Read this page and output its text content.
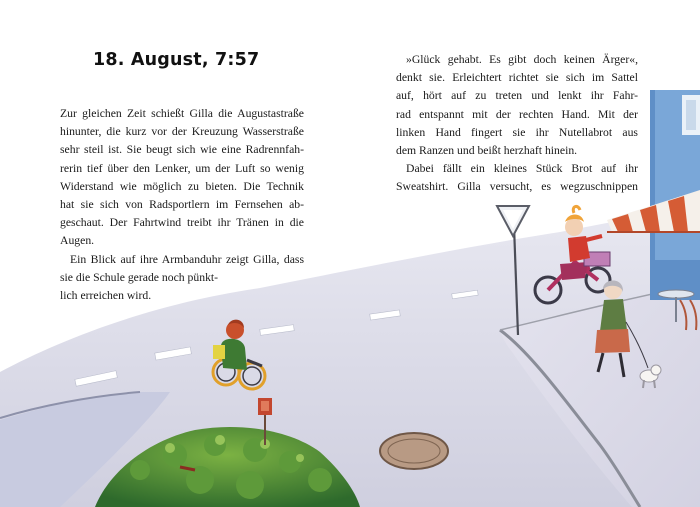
18. August, 7:57
Zur gleichen Zeit schießt Gilla die Augustastraße
hinunter, die kurz vor der Kreuzung Wasserstraße
sehr steil ist. Sie beugt sich wie eine Radrennfah-
rerin tief über den Lenker, um der Luft so wenig
Widerstand wie möglich zu bieten. Die Technik
hat sie sich von Radsportlern im Fernsehen ab-
geschaut. Der Fahrtwind treibt ihr Tränen in die
Augen.
Ein Blick auf ihre Armbanduhr zeigt Gilla, dass
sie die Schule gerade noch pünkt-
lich erreichen wird.
»Glück gehabt. Es gibt doch keinen Ärger«,
denkt sie. Erleichtert richtet sie sich im Sattel
auf, hört auf zu treten und lenkt ihr Fahr-
rad entspannt mit der rechten Hand. Mit der
linken Hand fingert sie ihr Nutellabrot aus
dem Ranzen und beißt herzhaft hinein.
Dabei fällt ein kleines Stück Brot auf ihr
Sweatshirt. Gilla versucht, es wegzuschnippen
